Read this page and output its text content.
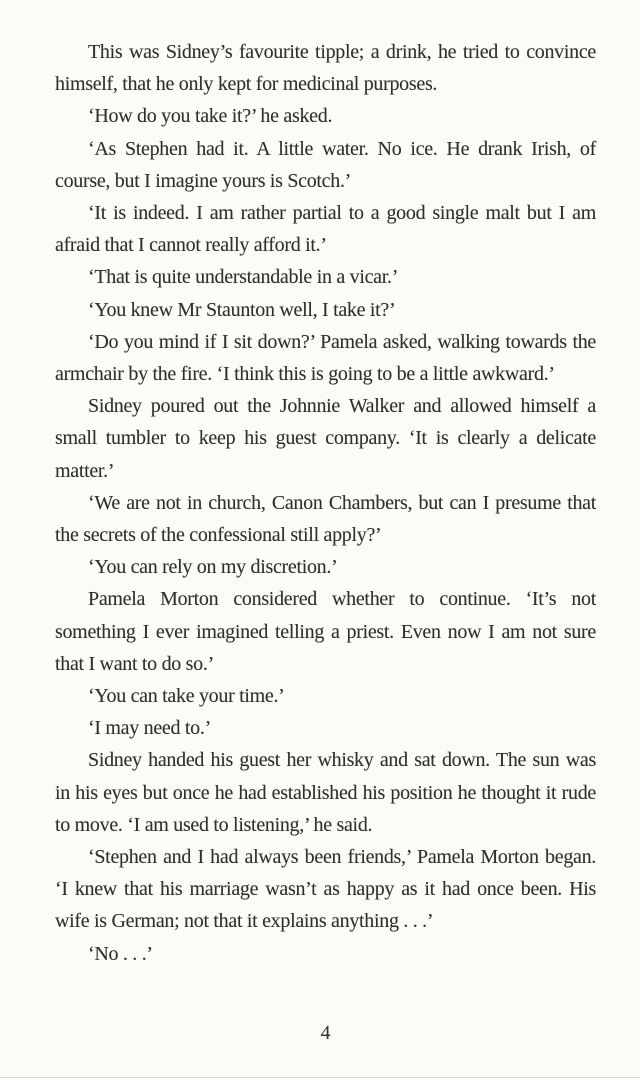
This was Sidney’s favourite tipple; a drink, he tried to convince himself, that he only kept for medicinal purposes.

‘How do you take it?’ he asked.

‘As Stephen had it. A little water. No ice. He drank Irish, of course, but I imagine yours is Scotch.’

‘It is indeed. I am rather partial to a good single malt but I am afraid that I cannot really afford it.’

‘That is quite understandable in a vicar.’

‘You knew Mr Staunton well, I take it?’

‘Do you mind if I sit down?’ Pamela asked, walking towards the armchair by the fire. ‘I think this is going to be a little awkward.’

Sidney poured out the Johnnie Walker and allowed himself a small tumbler to keep his guest company. ‘It is clearly a delicate matter.’

‘We are not in church, Canon Chambers, but can I presume that the secrets of the confessional still apply?’

‘You can rely on my discretion.’

Pamela Morton considered whether to continue. ‘It’s not something I ever imagined telling a priest. Even now I am not sure that I want to do so.’

‘You can take your time.’

‘I may need to.’

Sidney handed his guest her whisky and sat down. The sun was in his eyes but once he had established his position he thought it rude to move. ‘I am used to listening,’ he said.

‘Stephen and I had always been friends,’ Pamela Morton began. ‘I knew that his marriage wasn’t as happy as it had once been. His wife is German; not that it explains anything . . .’

‘No . . .’

4
